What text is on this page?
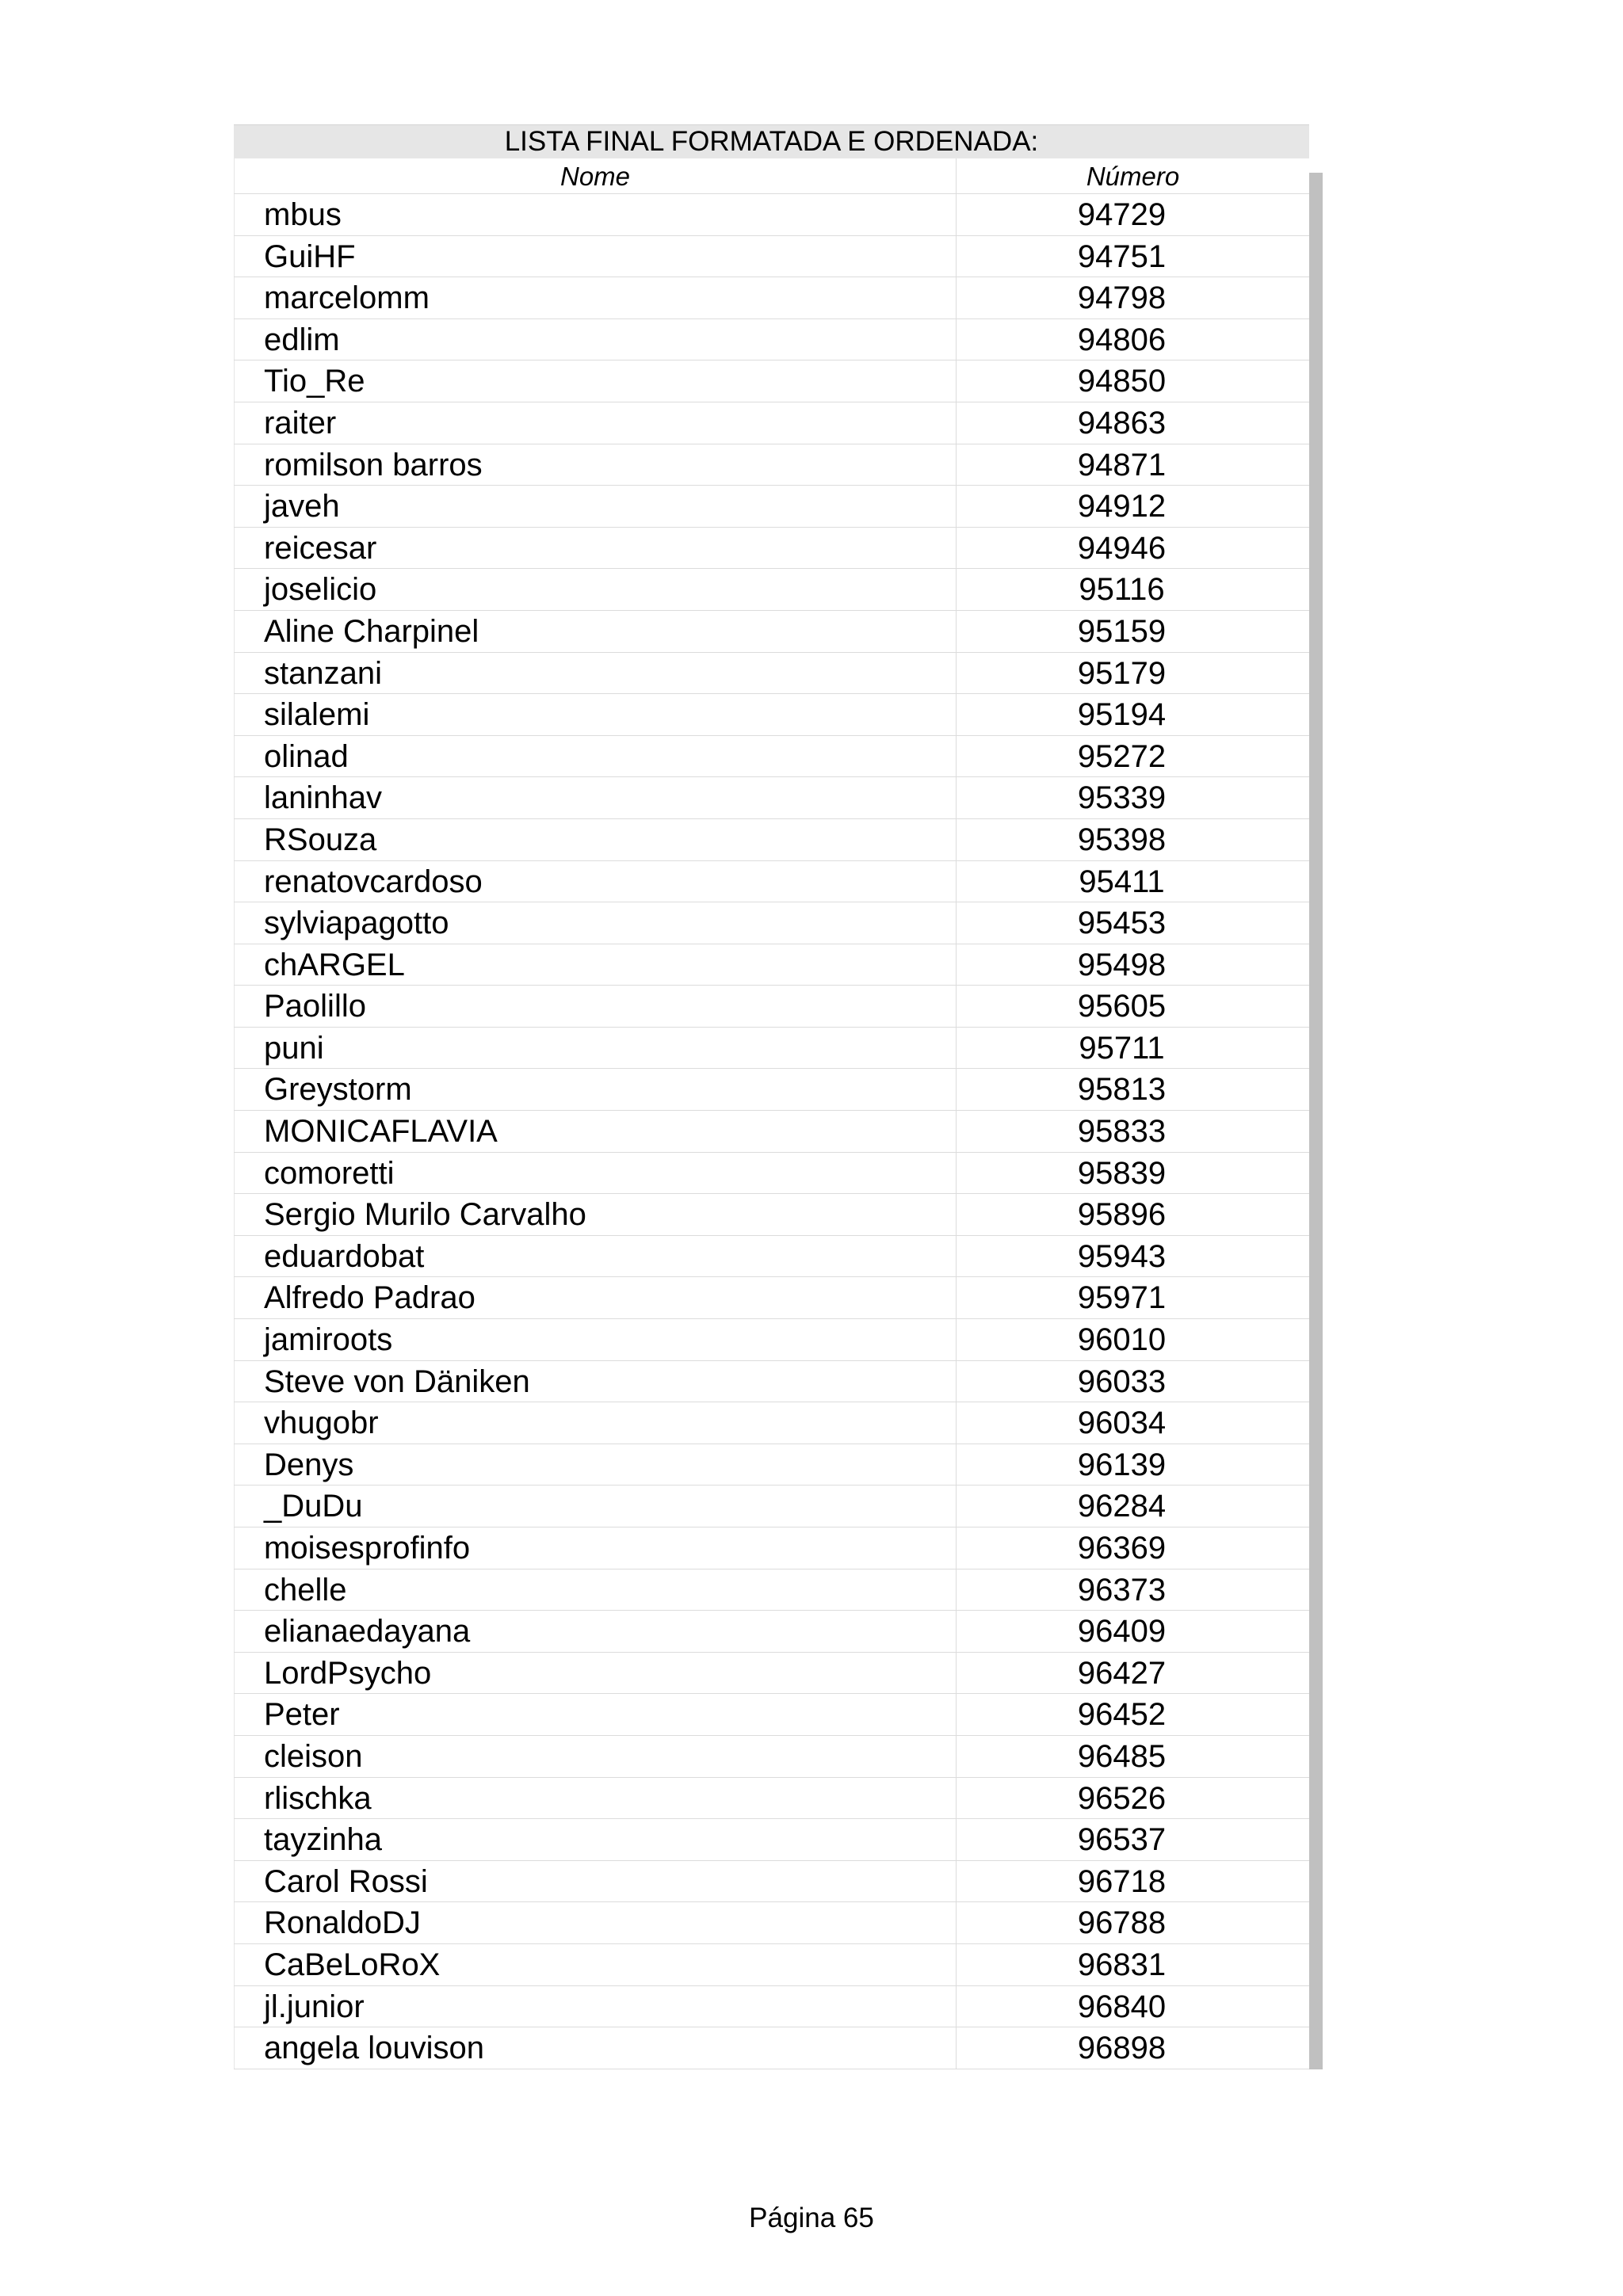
LISTA FINAL FORMATADA E ORDENADA:
Nome	Número
mbus	94729
GuiHF	94751
marcelomm	94798
edlim	94806
Tio_Re	94850
raiter	94863
romilson barros	94871
javeh	94912
reicesar	94946
joselicio	95116
Aline Charpinel	95159
stanzani	95179
silalemi	95194
olinad	95272
laninhav	95339
RSouza	95398
renatovcardoso	95411
sylviapagotto	95453
chARGEL	95498
Paolillo	95605
puni	95711
Greystorm	95813
MONICAFLAVIA	95833
comoretti	95839
Sergio Murilo Carvalho	95896
eduardobat	95943
Alfredo Padrao	95971
jamiroots	96010
Steve von Däniken	96033
vhugobr	96034
Denys	96139
_DuDu	96284
moisesprofinfo	96369
chelle	96373
elianaedayana	96409
LordPsycho	96427
Peter	96452
cleison	96485
rlischka	96526
tayzinha	96537
Carol Rossi	96718
RonaldoDJ	96788
CaBeLoRoX	96831
jl.junior	96840
angela louvison	96898
Página 65
